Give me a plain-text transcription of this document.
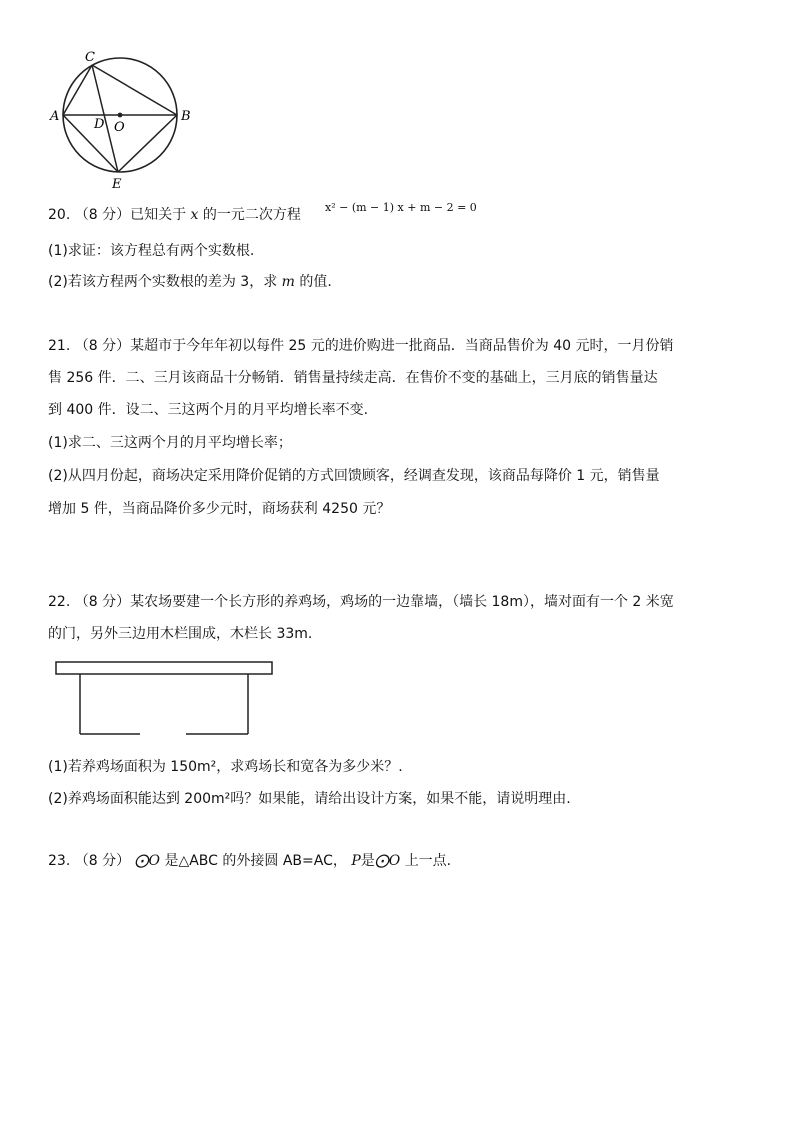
C
A
D O
B
E
20. （8 分）已知关于 x 的一元二次方程 x² − (m − 1) x + m − 2 = 0
(1)求证：该方程总有两个实数根.
(2)若该方程两个实数根的差为 3，求 m 的值.
21. （8 分）某超市于今年年初以每件 25 元的进价购进一批商品．当商品售价为 40 元时，一月份销
售 256 件．二、三月该商品十分畅销．销售量持续走高．在售价不变的基础上，三月底的销售量达
到 400 件．设二、三这两个月的月平均增长率不变.
(1)求二、三这两个月的月平均增长率；
(2)从四月份起，商场决定采用降价促销的方式回馈顾客，经调查发现，该商品每降价 1 元，销售量
增加 5 件，当商品降价多少元时，商场获利 4250 元？
22. （8 分）某农场要建一个长方形的养鸡场，鸡场的一边靠墙，（墙长 18m），墙对面有一个 2 米宽
的门，另外三边用木栏围成，木栏长 33m.
(1)若养鸡场面积为 150m²，求鸡场长和宽各为多少米？.
(2)养鸡场面积能达到 200m²吗？如果能，请给出设计方案，如果不能，请说明理由.
23. （8 分） ⨀O 是△ABC 的外接圆 AB=AC， P是⨀O 上一点.
